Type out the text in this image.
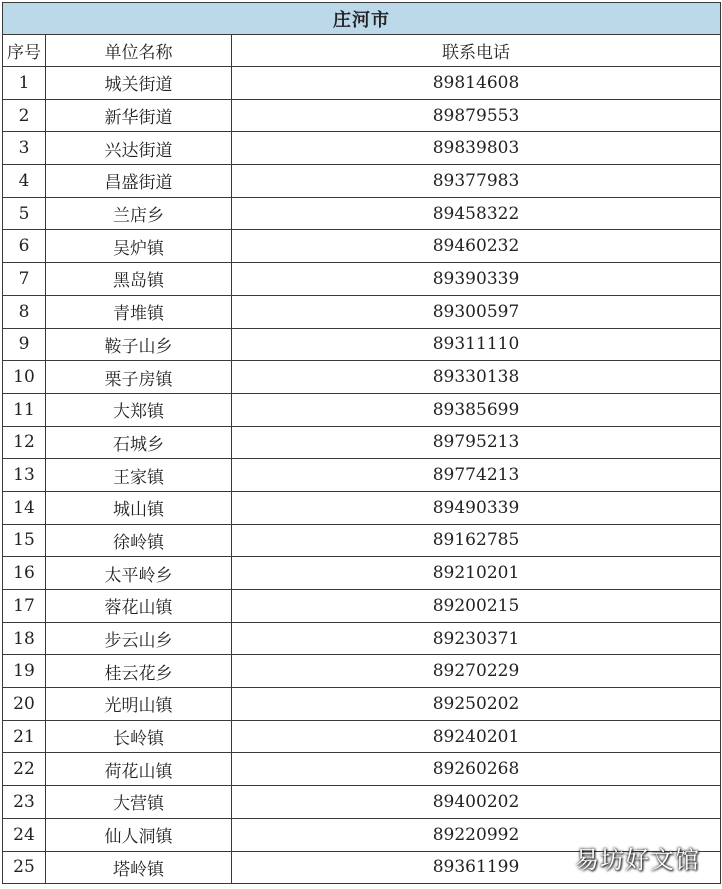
庄河市		
序号	单位名称	联系电话
1	城关街道	89814608
2	新华街道	89879553
3	兴达街道	89839803
4	昌盛街道	89377983
5	兰店乡	89458322
6	吴炉镇	89460232
7	黑岛镇	89390339
8	青堆镇	89300597
9	鞍子山乡	89311110
10	栗子房镇	89330138
11	大郑镇	89385699
12	石城乡	89795213
13	王家镇	89774213
14	城山镇	89490339
15	徐岭镇	89162785
16	太平岭乡	89210201
17	蓉花山镇	89200215
18	步云山乡	89230371
19	桂云花乡	89270229
20	光明山镇	89250202
21	长岭镇	89240201
22	荷花山镇	89260268
23	大营镇	89400202
24	仙人洞镇	89220992
25	塔岭镇	89361199 易坊好文馆
